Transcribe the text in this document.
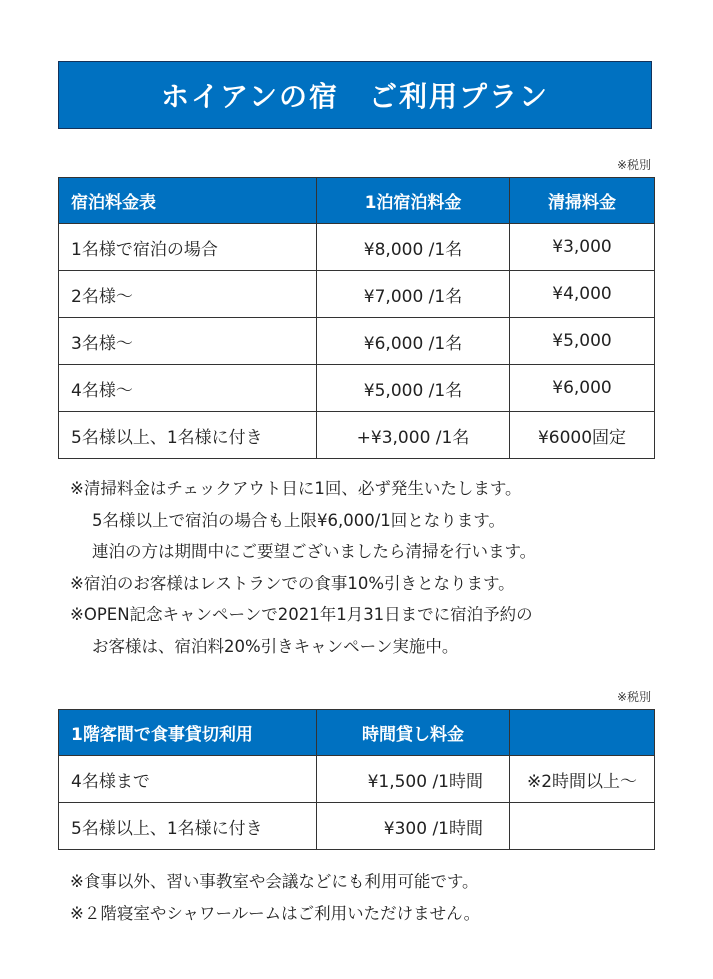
ホイアンの宿　ご利用プラン
※税別
宿泊料金表	1泊宿泊料金	清掃料金
1名様で宿泊の場合	¥8,000 /1名	¥3,000
2名様～	¥7,000 /1名	¥4,000
3名様～	¥6,000 /1名	¥5,000
4名様～	¥5,000 /1名	¥6,000
5名様以上、1名様に付き	+¥3,000 /1名	¥6000固定
※清掃料金はチェックアウト日に1回、必ず発生いたします。
5名様以上で宿泊の場合も上限¥6,000/1回となります。
連泊の方は期間中にご要望ございましたら清掃を行います。
※宿泊のお客様はレストランでの食事10%引きとなります。
※OPEN記念キャンペーンで2021年1月31日までに宿泊予約の
お客様は、宿泊料20%引きキャンペーン実施中。
※税別
1階客間で食事貸切利用	時間貸し料金	
4名様まで	¥1,500 /1時間	※2時間以上～
5名様以上、1名様に付き	¥300 /1時間	
※食事以外、習い事教室や会議などにも利用可能です。
※２階寝室やシャワールームはご利用いただけません。
